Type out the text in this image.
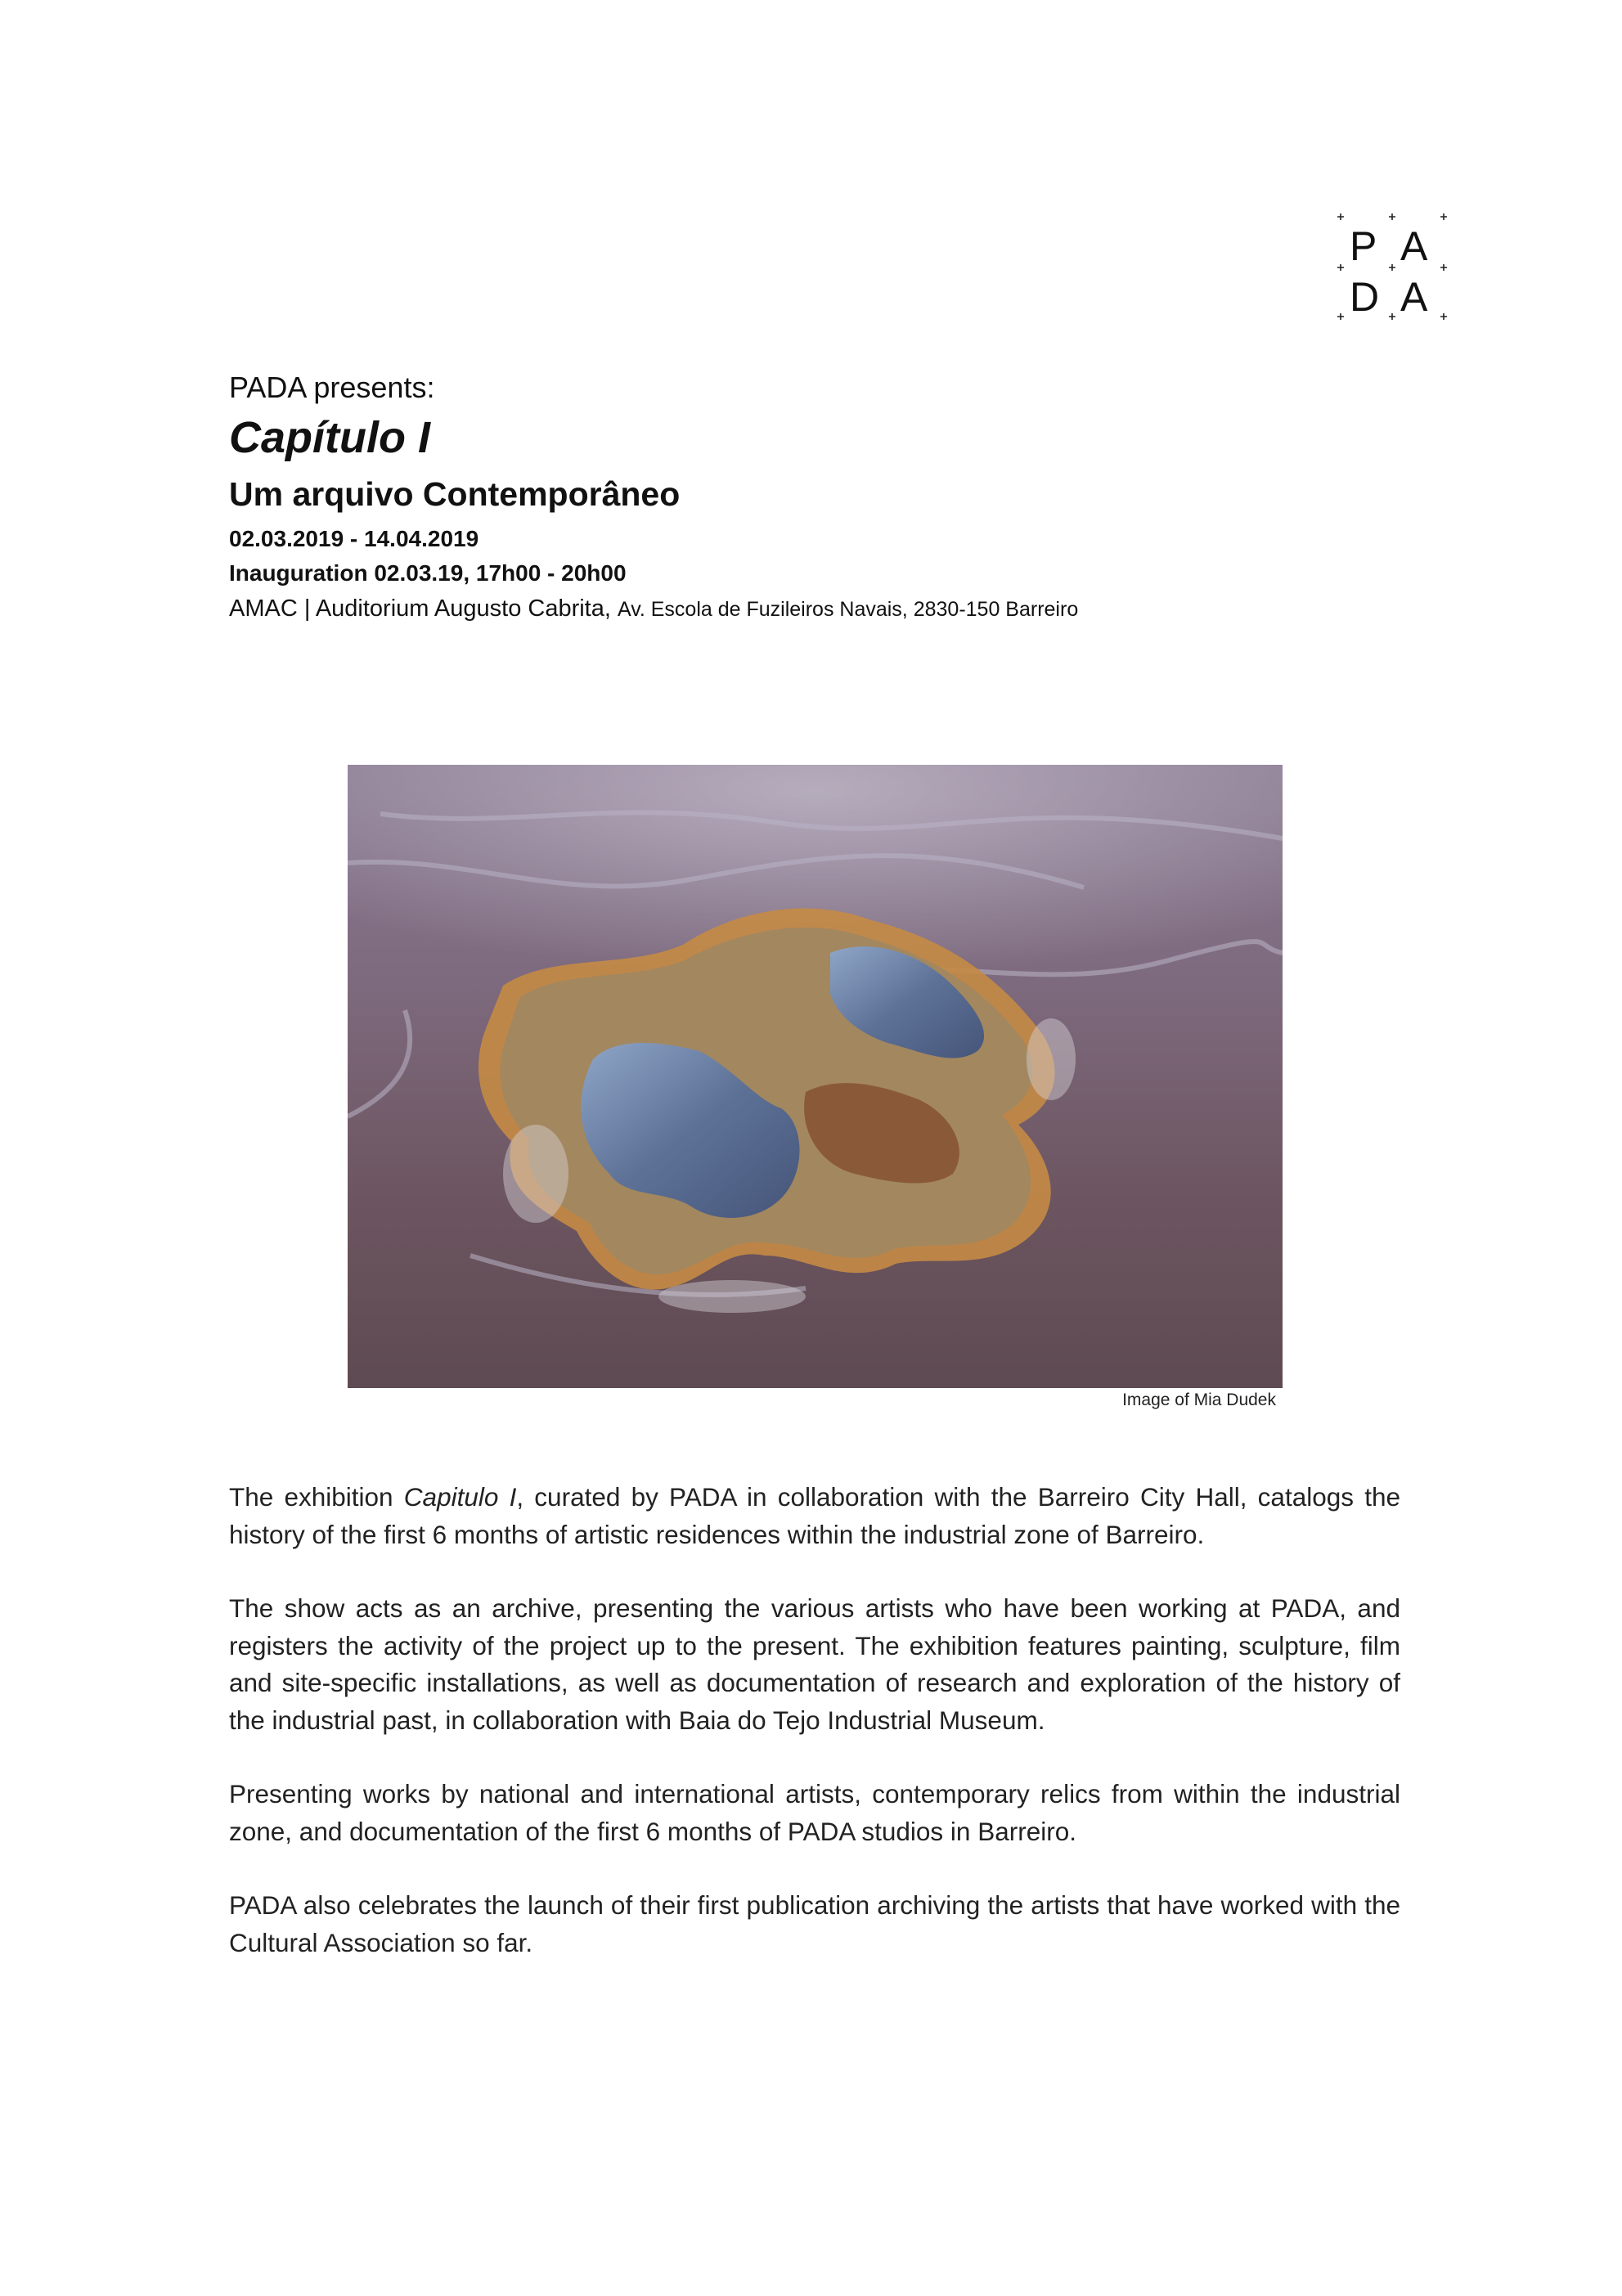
P A
D A

PADA presents:

Capítulo I

Um arquivo Contemporâneo

02.03.2019 - 14.04.2019

Inauguration 02.03.19, 17h00 - 20h00

AMAC | Auditorium Augusto Cabrita, Av. Escola de Fuzileiros Navais, 2830-150 Barreiro

Image of Mia Dudek

The exhibition Capitulo I, curated by PADA in collaboration with the Barreiro City Hall, catalogs the history of the first 6 months of artistic residences within the industrial zone of Barreiro.

The show acts as an archive, presenting the various artists who have been working at PADA, and registers the activity of the project up to the present. The exhibition features painting, sculpture, film and site-specific installations, as well as documentation of research and exploration of the history of the industrial past, in collaboration with Baia do Tejo Industrial Museum.

Presenting works by national and international artists, contemporary relics from within the industrial zone, and documentation of the first 6 months of PADA studios in Barreiro.

PADA also celebrates the launch of their first publication archiving the artists that have worked with the Cultural Association so far.
